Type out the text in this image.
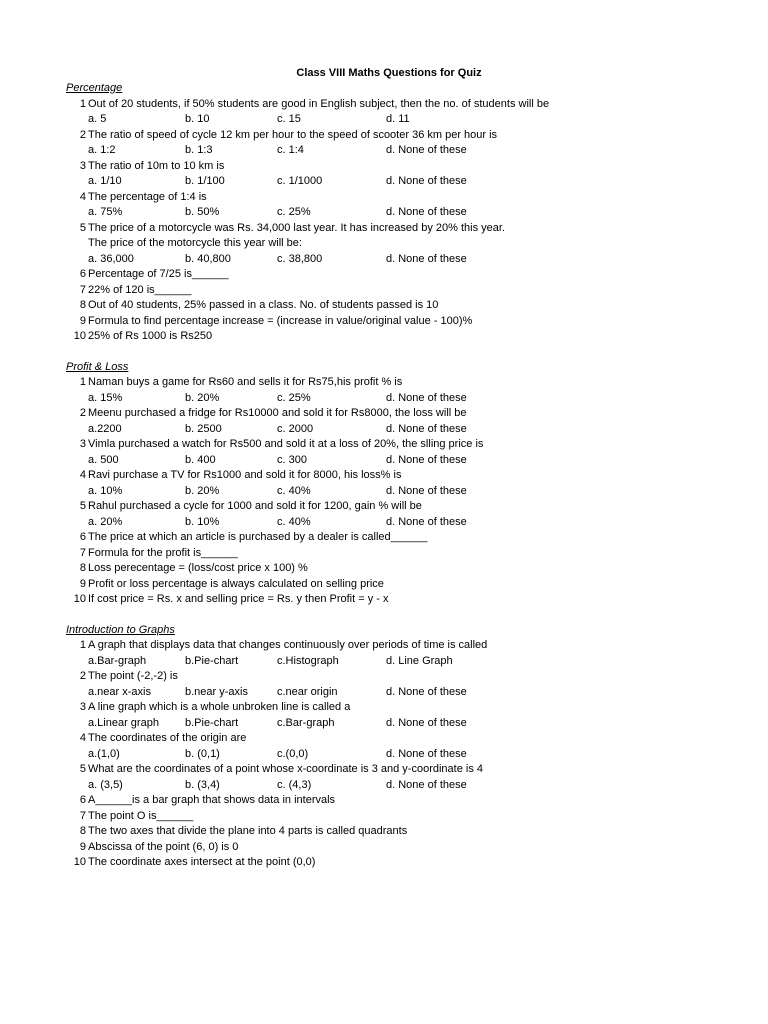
Class VIII Maths Questions for Quiz
Percentage
1 Out of 20 students, if 50% students are good in English subject, then the no. of students will be
a. 5	b. 10	c. 15	d. 11
2 The ratio of speed of cycle 12 km per hour to the speed of scooter 36 km per hour is
a. 1:2	b. 1:3	c. 1:4	d. None of these
3 The ratio of 10m to 10 km is
a. 1/10	b. 1/100	c. 1/1000	d. None of these
4 The percentage of 1:4 is
a. 75%	b. 50%	c. 25%	d. None of these
5 The price of a motorcycle was Rs. 34,000 last year. It has increased by 20% this year.
The price of the motorcycle this year will be:
a. 36,000	b. 40,800	c. 38,800	d. None of these
6 Percentage of 7/25 is______
7 22% of 120 is______
8 Out of 40 students, 25% passed in a class. No. of students passed is 10
9 Formula to find percentage increase = (increase in value/original value - 100)%
10 25% of Rs 1000 is Rs250
Profit & Loss
1 Naman buys a game for Rs60 and sells it for Rs75,his profit % is
a. 15%	b. 20%	c. 25%	d. None of these
2 Meenu purchased a fridge for Rs10000 and sold it for Rs8000, the loss will be
a.2200	b. 2500	c. 2000	d. None of these
3 Vimla purchased a watch for Rs500 and sold it at a loss of 20%, the slling price is
a. 500	b. 400	c. 300	d. None of these
4 Ravi purchase a TV for Rs1000 and sold it for 8000, his loss% is
a. 10%	b. 20%	c. 40%	d. None of these
5 Rahul purchased a cycle for 1000 and sold it for 1200, gain % will be
a. 20%	b. 10%	c. 40%	d. None of these
6 The price at which an article is purchased by a dealer is called______
7 Formula for the profit is______
8 Loss perecentage = (loss/cost price x 100) %
9 Profit or loss percentage is always calculated on selling price
10 If cost price = Rs. x and selling price = Rs. y then Profit = y - x
Introduction to Graphs
1 A graph that displays data that changes continuously over periods of time is called
a.Bar-graph	b.Pie-chart	c.Histograph	d. Line Graph
2 The point (-2,-2) is
a.near x-axis	b.near y-axis	c.near origin	d. None of these
3 A line graph which is a whole unbroken line is called a
a.Linear graph b.Pie-chart	c.Bar-graph	d. None of these
4 The coordinates of the origin are
a.(1,0)	b. (0,1)	c.(0,0)	d. None of these
5 What are the coordinates of a point whose x-coordinate is 3 and y-coordinate is 4
a. (3,5)	b. (3,4)	c. (4,3)	d. None of these
6 A______is a bar graph that shows data in intervals
7 The point O is______
8 The two axes that divide the plane into 4 parts is called quadrants
9 Abscissa of the point (6, 0) is 0
10 The coordinate axes intersect at the point (0,0)
